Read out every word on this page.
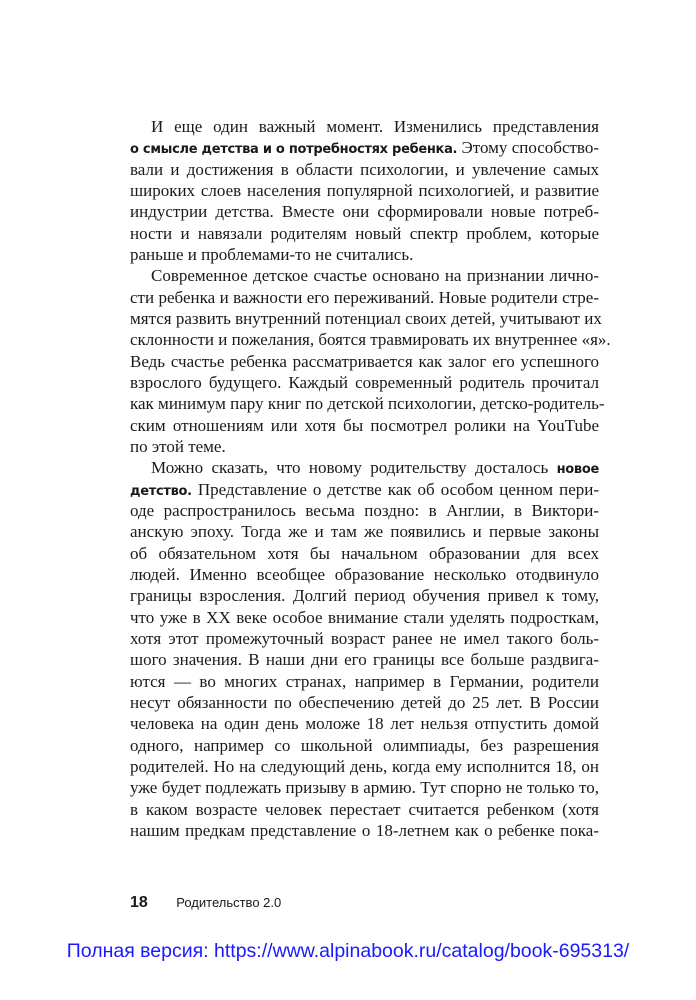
И еще один важный момент. Изменились представления
о смысле детства и о потребностях ребенка. Этому способство-
вали и достижения в области психологии, и увлечение самых
широких слоев населения популярной психологией, и развитие
индустрии детства. Вместе они сформировали новые потреб-
ности и навязали родителям новый спектр проблем, которые
раньше и проблемами-то не считались.
Современное детское счастье основано на признании лично-
сти ребенка и важности его переживаний. Новые родители стре-
мятся развить внутренний потенциал своих детей, учитывают их
склонности и пожелания, боятся травмировать их внутреннее «я».
Ведь счастье ребенка рассматривается как залог его успешного
взрослого будущего. Каждый современный родитель прочитал
как минимум пару книг по детской психологии, детско-родитель-
ским отношениям или хотя бы посмотрел ролики на YouTube
по этой теме.
Можно сказать, что новому родительству досталось новое
детство. Представление о детстве как об особом ценном пери-
оде распространилось весьма поздно: в Англии, в Виктори-
анскую эпоху. Тогда же и там же появились и первые законы
об обязательном хотя бы начальном образовании для всех
людей. Именно всеобщее образование несколько отодвинуло
границы взросления. Долгий период обучения привел к тому,
что уже в XX веке особое внимание стали уделять подросткам,
хотя этот промежуточный возраст ранее не имел такого боль-
шого значения. В наши дни его границы все больше раздвига-
ются — во многих странах, например в Германии, родители
несут обязанности по обеспечению детей до 25 лет. В России
человека на один день моложе 18 лет нельзя отпустить домой
одного, например со школьной олимпиады, без разрешения
родителей. Но на следующий день, когда ему исполнится 18, он
уже будет подлежать призыву в армию. Тут спорно не только то,
в каком возрасте человек перестает считается ребенком (хотя
нашим предкам представление о 18-летнем как о ребенке пока-
18 Родительство 2.0
Полная версия: https://www.alpinabook.ru/catalog/book-695313/
